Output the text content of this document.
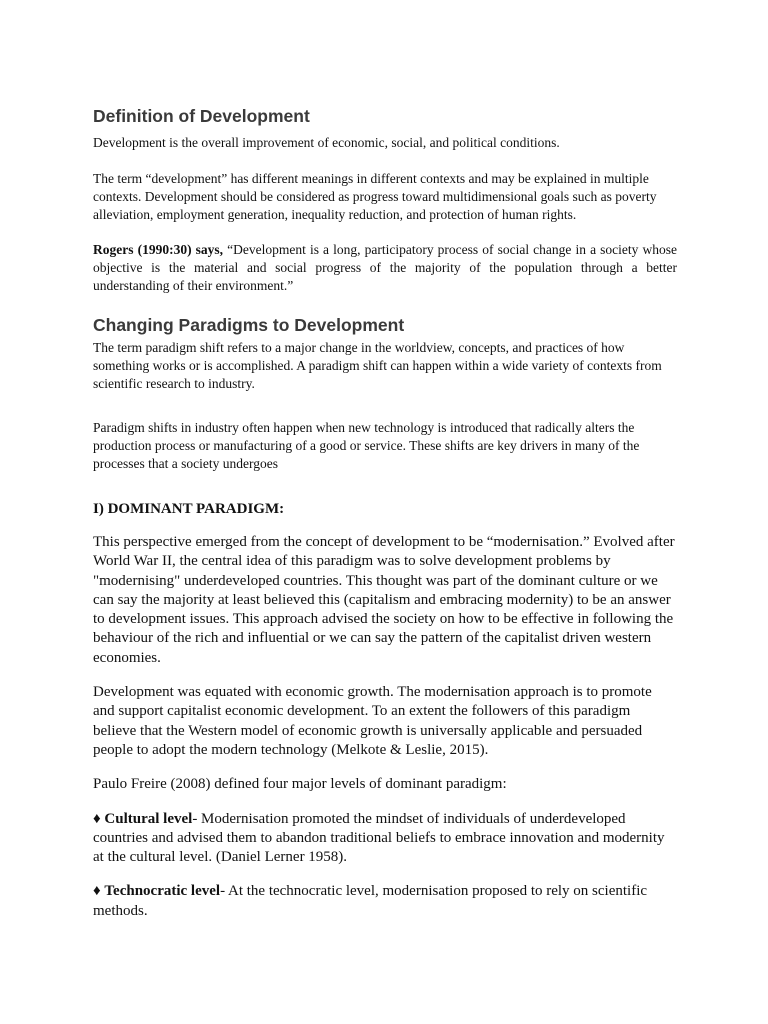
Definition of Development

Development is the overall improvement of economic, social, and political conditions.

The term “development” has different meanings in different contexts and may be explained in multiple contexts. Development should be considered as progress toward multidimensional goals such as poverty alleviation, employment generation, inequality reduction, and protection of human rights.

Rogers (1990:30) says, “Development is a long, participatory process of social change in a society whose objective is the material and social progress of the majority of the population through a better understanding of their environment.”

Changing Paradigms to Development

The term paradigm shift refers to a major change in the worldview, concepts, and practices of how something works or is accomplished. A paradigm shift can happen within a wide variety of contexts from scientific research to industry.

Paradigm shifts in industry often happen when new technology is introduced that radically alters the production process or manufacturing of a good or service. These shifts are key drivers in many of the processes that a society undergoes

I) DOMINANT PARADIGM:

This perspective emerged from the concept of development to be “modernisation.” Evolved after World War II, the central idea of this paradigm was to solve development problems by "modernising" underdeveloped countries. This thought was part of the dominant culture or we can say the majority at least believed this (capitalism and embracing modernity) to be an answer to development issues. This approach advised the society on how to be effective in following the behaviour of the rich and influential or we can say the pattern of the capitalist driven western economies.

Development was equated with economic growth. The modernisation approach is to promote and support capitalist economic development. To an extent the followers of this paradigm believe that the Western model of economic growth is universally applicable and persuaded people to adopt the modern technology (Melkote & Leslie, 2015).

Paulo Freire (2008) defined four major levels of dominant paradigm:

♦ Cultural level- Modernisation promoted the mindset of individuals of underdeveloped countries and advised them to abandon traditional beliefs to embrace innovation and modernity at the cultural level. (Daniel Lerner 1958).

♦ Technocratic level- At the technocratic level, modernisation proposed to rely on scientific methods.
